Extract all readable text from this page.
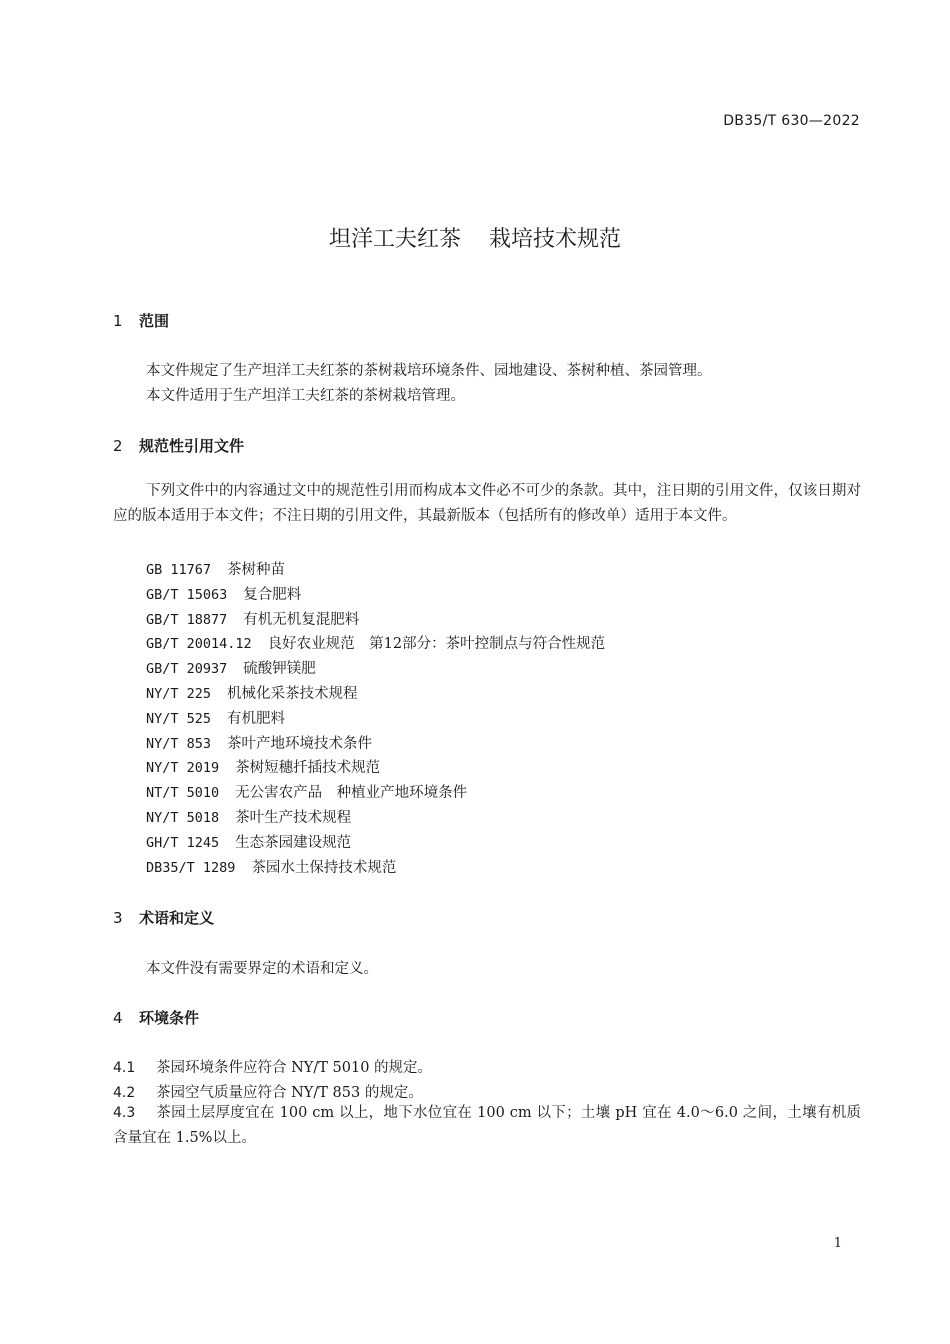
DB35/T 630—2022
坦洋工夫红茶 栽培技术规范
1 范围
本文件规定了生产坦洋工夫红茶的茶树栽培环境条件、园地建设、茶树种植、茶园管理。
本文件适用于生产坦洋工夫红茶的茶树栽培管理。
2 规范性引用文件
下列文件中的内容通过文中的规范性引用而构成本文件必不可少的条款。其中，注日期的引用文件，仅该日期对应的版本适用于本文件；不注日期的引用文件，其最新版本（包括所有的修改单）适用于本文件。
GB 11767 茶树种苗
GB/T 15063 复合肥料
GB/T 18877 有机无机复混肥料
GB/T 20014.12 良好农业规范　第12部分：茶叶控制点与符合性规范
GB/T 20937 硫酸钾镁肥
NY/T 225 机械化采茶技术规程
NY/T 525 有机肥料
NY/T 853 茶叶产地环境技术条件
NY/T 2019 茶树短穗扦插技术规范
NT/T 5010 无公害农产品　种植业产地环境条件
NY/T 5018 茶叶生产技术规程
GH/T 1245 生态茶园建设规范
DB35/T 1289 茶园水土保持技术规范
3 术语和定义
本文件没有需要界定的术语和定义。
4 环境条件
4.1 茶园环境条件应符合 NY/T 5010 的规定。
4.2 茶园空气质量应符合 NY/T 853 的规定。
4.3 茶园土层厚度宜在 100 cm 以上，地下水位宜在 100 cm 以下；土壤 pH 宜在 4.0～6.0 之间，土壤有机质含量宜在 1.5%以上。
1
